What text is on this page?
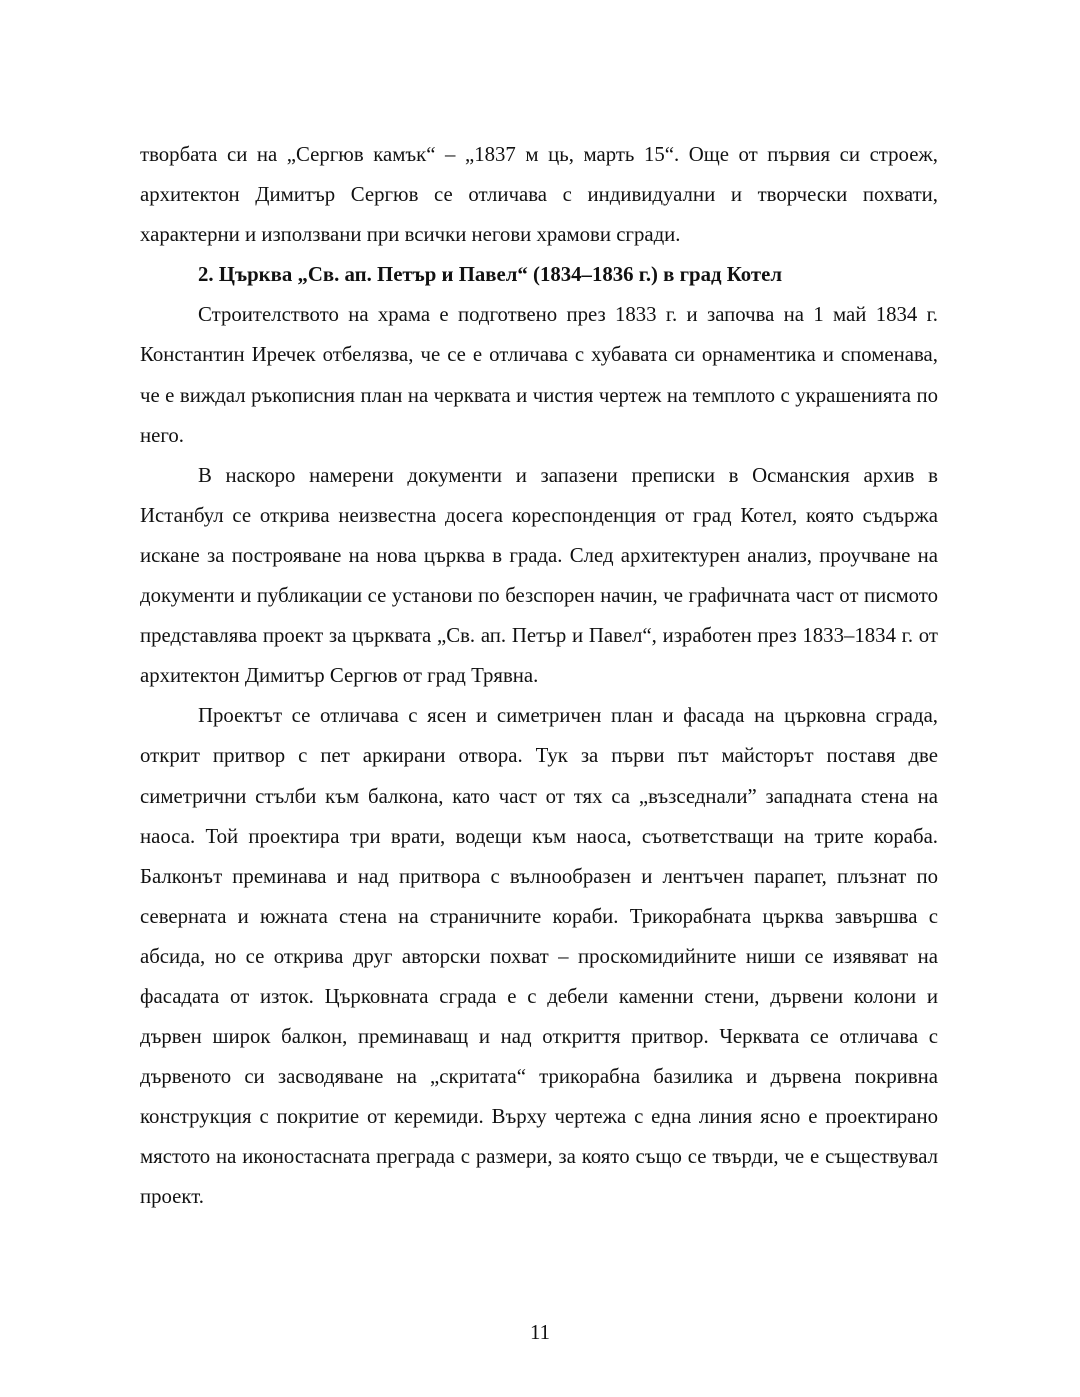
творбата си на „Сергюв камък“ – „1837 м ць, марть 15“. Още от първия си строеж, архитектон Димитър Сергюв се отличава с индивидуални и творчески похвати, характерни и използвани при всички негови храмови сгради.

2. Църква „Св. ап. Петър и Павел“ (1834–1836 г.) в град Котел

Строителството на храма е подготвено през 1833 г. и започва на 1 май 1834 г. Константин Иречек отбелязва, че се е отличава с хубавата си орнаментика и споменава, че е виждал ръкописния план на черквата и чистия чертеж на темплото с украшенията по него.

В наскоро намерени документи и запазени преписки в Османския архив в Истанбул се открива неизвестна досега кореспонденция от град Котел, която съдържа искане за построяване на нова църква в града. След архитектурен анализ, проучване на документи и публикации се установи по безспорен начин, че графичната част от писмото представлява проект за църквата „Св. ап. Петър и Павел“, изработен през 1833–1834 г. от архитектон Димитър Сергюв от град Трявна.

Проектът се отличава с ясен и симетричен план и фасада на църковна сграда, открит притвор с пет аркирани отвора. Тук за първи път майсторът поставя две симетрични стълби към балкона, като част от тях са „възседнали” западната стена на наоса. Той проектира три врати, водещи към наоса, съответстващи на трите кораба. Балконът преминава и над притвора с вълнообразен и лентъчен парапет, плъзнат по северната и южната стена на страничните кораби. Трикорабната църква завършва с абсида, но се открива друг авторски похват – проскомидийните ниши се изявяват на фасадата от изток. Църковната сграда е с дебели каменни стени, дървени колони и дървен широк балкон, преминаващ и над откриття притвор. Черквата се отличава с дървеното си засводяване на „скритата“ трикорабна базилика и дървена покривна конструкция с покритие от керемиди. Върху чертежа с една линия ясно е проектирано мястото на иконостасната преграда с размери, за която също се твърди, че е съществувал проект.

11
